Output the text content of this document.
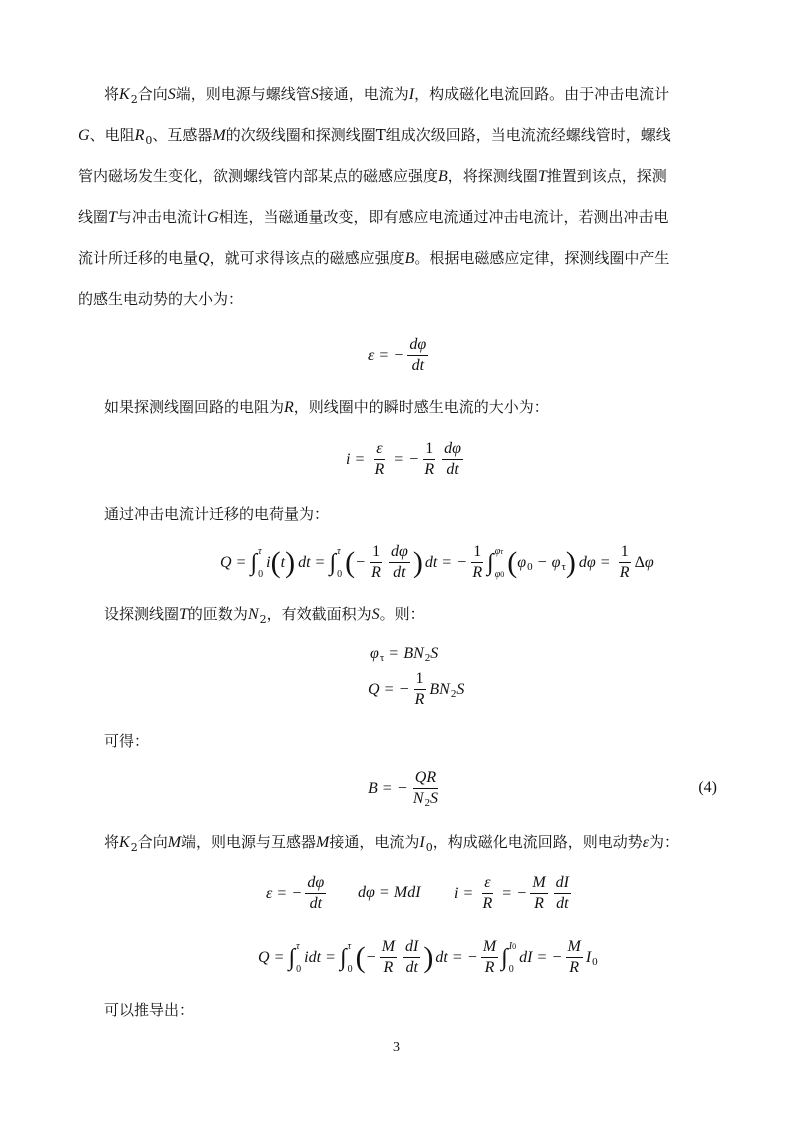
将$K_2$合向S端，则电源与螺线管S接通，电流为I，构成磁化电流回路。由于冲击电流计
G、电阻$R_0$、互感器M的次级线圈和探测线圈T组成次级回路，当电流流经螺线管时，螺线
管内磁场发生变化，欲测螺线管内部某点的磁感应强度B，将探测线圈T推置到该点，探测
线圈T与冲击电流计G相连，当磁通量改变，即有感应电流通过冲击电流计，若测出冲击电
流计所迁移的电量Q，就可求得该点的磁感应强度B。根据电磁感应定律，探测线圈中产生
的感生电动势的大小为：
ε = − $\frac{d\varphi}{dt}$
如果探测线圈回路的电阻为R，则线圈中的瞬时感生电流的大小为：
$i = \frac{\varepsilon}{R}$ = − $\frac{1}{R} \frac{d\varphi}{dt}$
通过冲击电流计迁移的电荷量为：
Q = ∫ τ
0
i ( t ) dt = ∫ τ
0 ( − $\frac{1}{R} \frac{d\varphi}{dt}$ ) dt = − $\frac{1}{R}$ ∫ φτ
φ0 ( φ 0 − φ τ ) $d\varphi = \frac{1}{R}$ Δ φ
设探测线圈T的匝数为$N_2$，有效截面积为S。则：
φ τ = BN 2 S
Q = − $\frac{1}{R}$ BN 2 S
可得：
B = − $\frac{QR}{N2S}$	(4)
将$K_2$合向M端，则电源与互感器M接通，电流为$I_0$，构成磁化电流回路，则电动势ε为：
ε = − $\frac{d\varphi}{dt}$ dφ = MdI $i = \frac{\varepsilon}{R}$ = − $\frac{M}{R} \frac{dI}{dt}$
Q = ∫ τ
0
idt = ∫ τ
0 ( − $\frac{M}{R} \frac{dI}{dt}$ ) dt = − $\frac{M}{R}$ ∫ I0
0
dI = − $\frac{M}{R}$ I 0
可以推导出：
3
